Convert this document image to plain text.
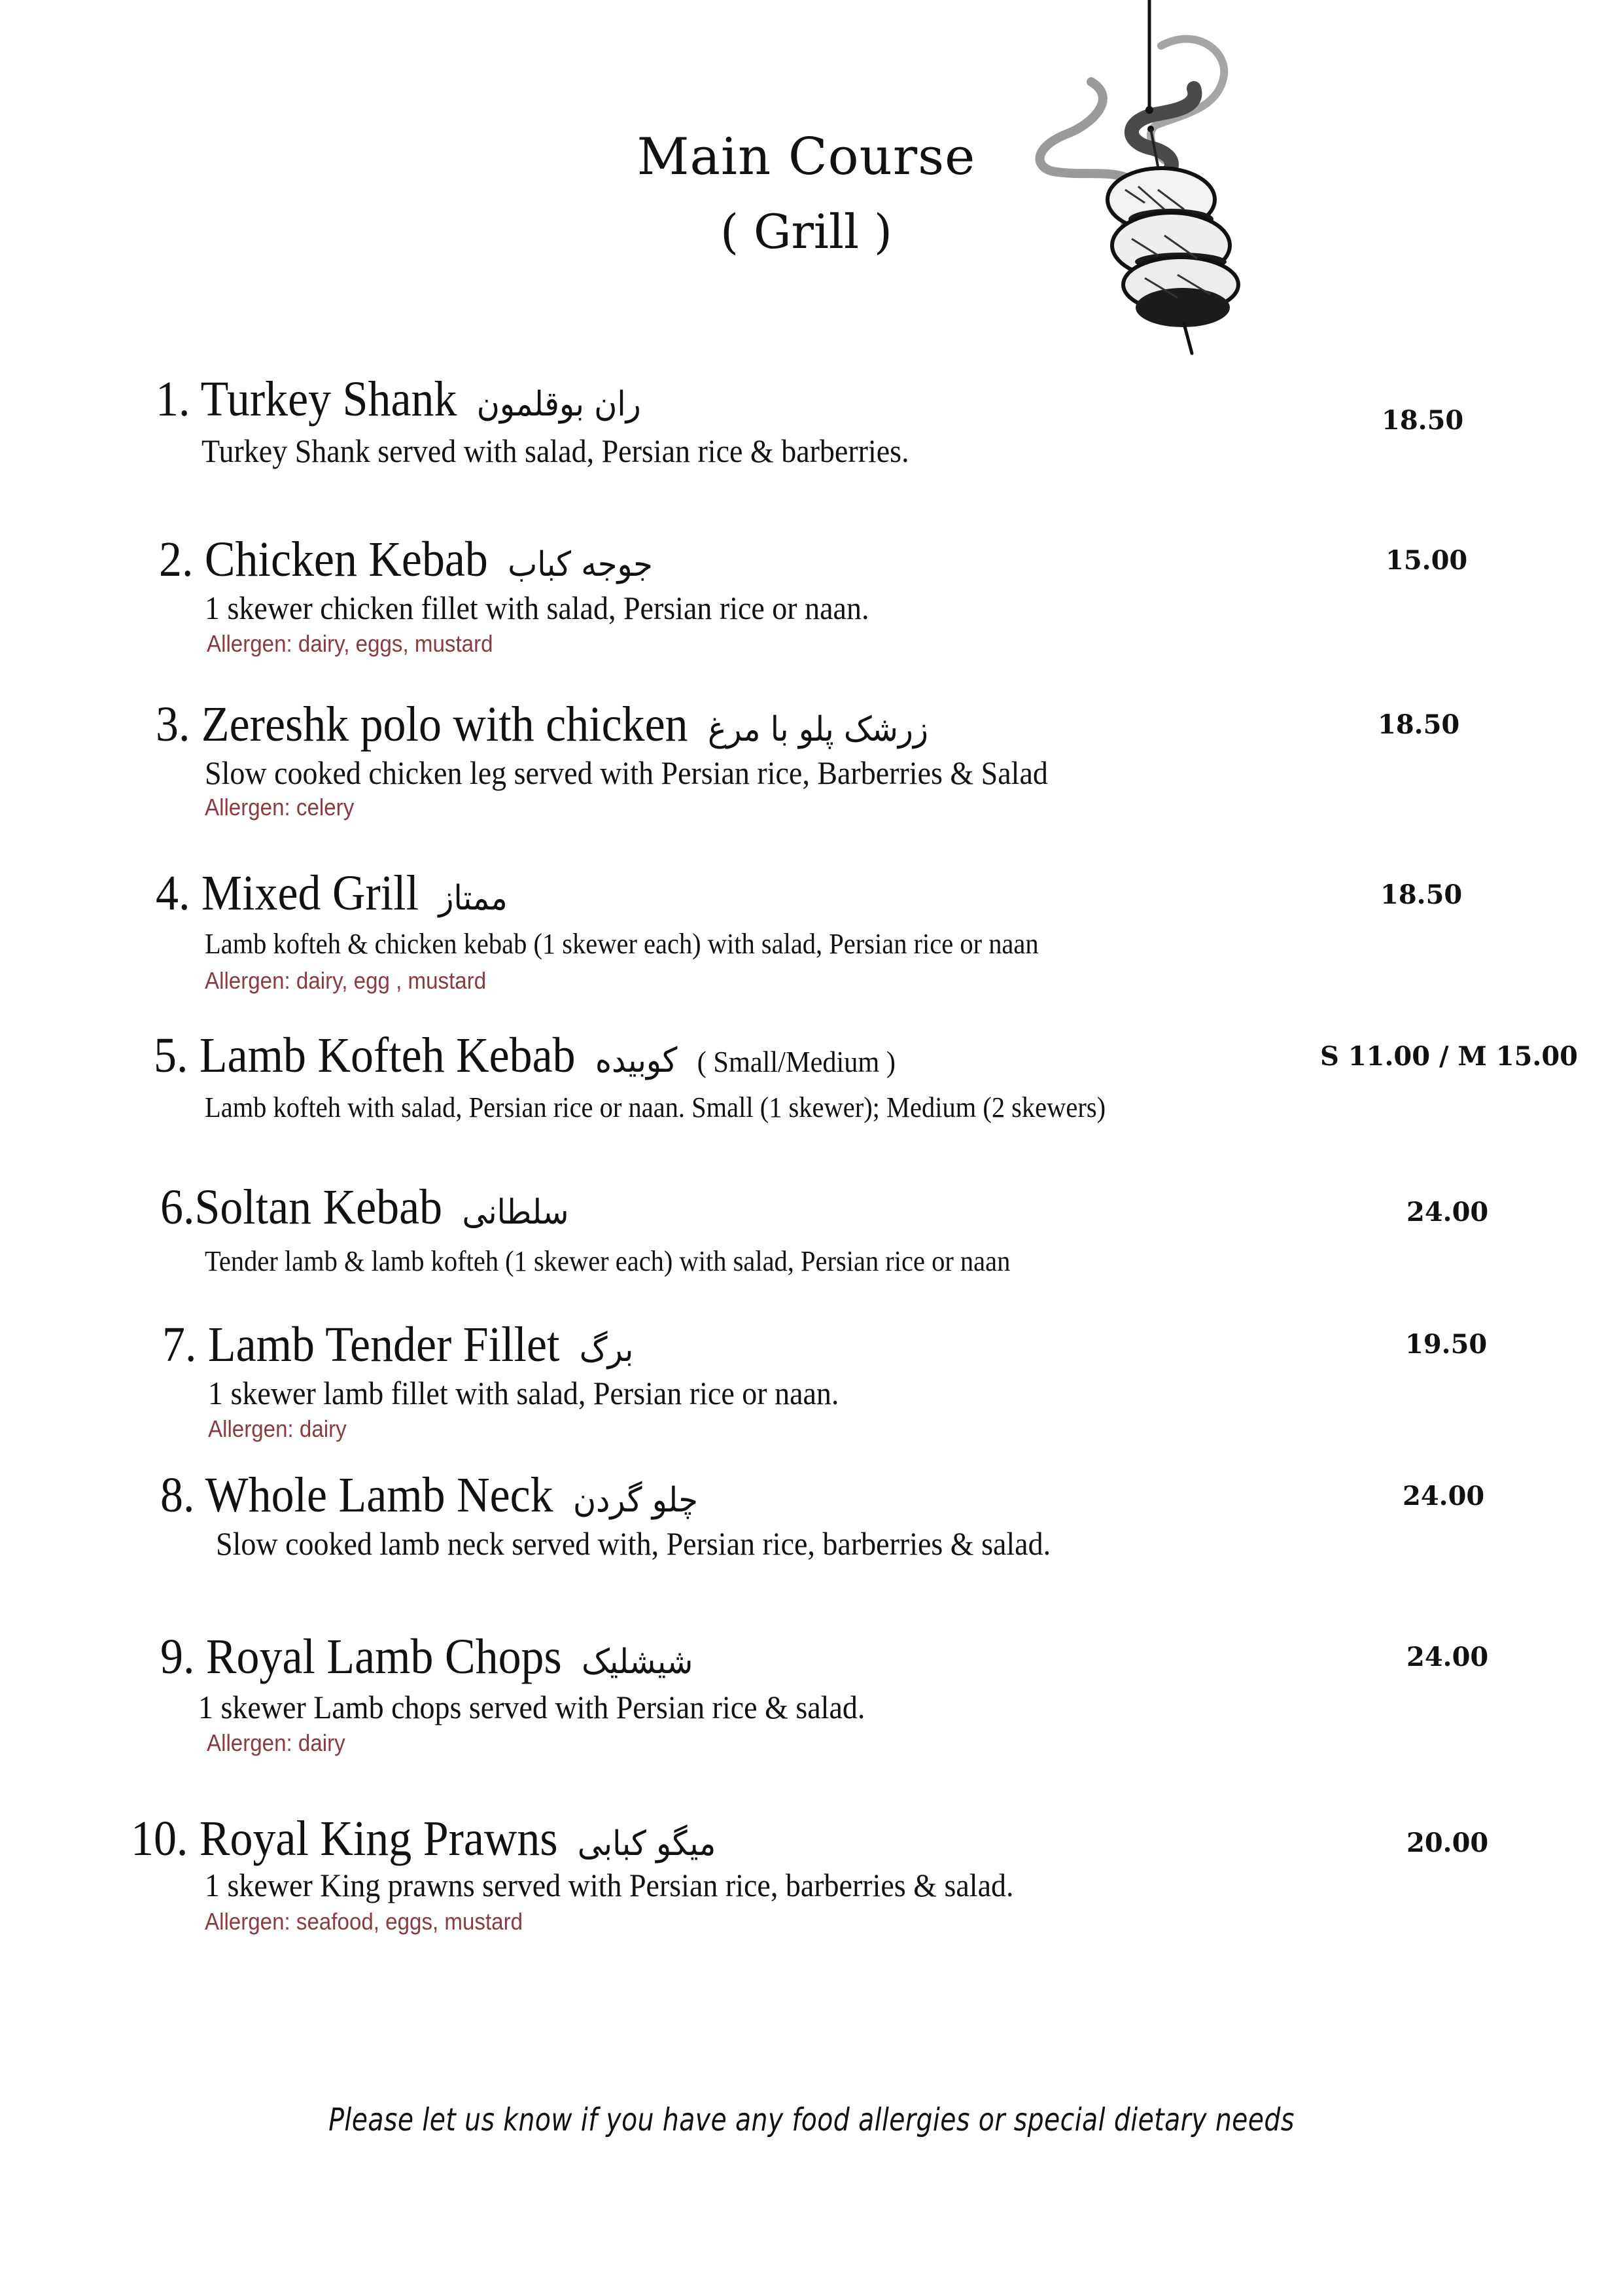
Main Course
( Grill )
1. Turkey Shank ران بوقلمون
Turkey Shank served with salad, Persian rice & barberries.
18.50
2. Chicken Kebab جوجه کباب
1 skewer chicken fillet with salad, Persian rice or naan.
Allergen: dairy, eggs, mustard
15.00
3. Zereshk polo with chicken زرشک پلو با مرغ
Slow cooked chicken leg served with Persian rice, Barberries & Salad
Allergen: celery
18.50
4. Mixed Grill ممتاز
Lamb kofteh & chicken kebab (1 skewer each) with salad, Persian rice or naan
Allergen: dairy, egg , mustard
18.50
5. Lamb Kofteh Kebab کوبیده ( Small/Medium )
Lamb kofteh with salad, Persian rice or naan. Small (1 skewer); Medium (2 skewers)
S 11.00 / M 15.00
6.Soltan Kebab سلطانی
Tender lamb & lamb kofteh (1 skewer each) with salad, Persian rice or naan
24.00
7. Lamb Tender Fillet برگ
1 skewer lamb fillet with salad, Persian rice or naan.
Allergen: dairy
19.50
8. Whole Lamb Neck چلو گردن
Slow cooked lamb neck served with, Persian rice, barberries & salad.
24.00
9. Royal Lamb Chops شیشلیک
1 skewer Lamb chops served with Persian rice & salad.
Allergen: dairy
24.00
10. Royal King Prawns میگو کبابی
1 skewer King prawns served with Persian rice, barberries & salad.
Allergen: seafood, eggs, mustard
20.00
Please let us know if you have any food allergies or special dietary needs
